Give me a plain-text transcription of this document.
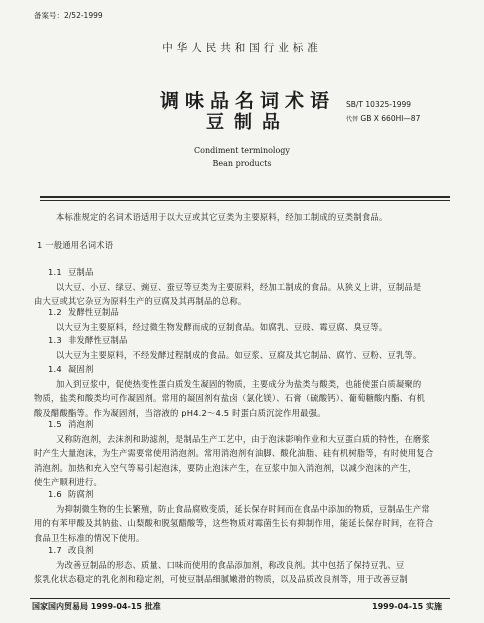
备案号：2/52-1999
中华人民共和国行业标准
调味品名词术语
豆制品
SB/T 10325-1999
代替 GB X 660Hl—87
Condiment terminology
Bean products
本标准规定的名词术语适用于以大豆或其它豆类为主要原料，经加工制成的豆类制食品。
1 一般通用名词术语
1.1 豆制品
以大豆、小豆、绿豆、豌豆、蚕豆等豆类为主要原料，经加工制成的食品。从狭义上讲，豆制品是
由大豆或其它杂豆为原料生产的豆腐及其再制品的总称。
1.2 发酵性豆制品
以大豆为主要原料，经过微生物发酵而成的豆制食品。如腐乳、豆豉、霉豆腐、臭豆等。
1.3 非发酵性豆制品
以大豆为主要原料，不经发酵过程制成的食品。如豆浆、豆腐及其它制品、腐竹、豆粉、豆乳等。
1.4 凝固剂
加入到豆浆中，促使热变性蛋白质发生凝固的物质，主要成分为盐类与酸类，也能使蛋白质凝聚的
物质，盐类和酸类均可作凝固剂。常用的凝固剂有盐卤（氯化镁）、石膏（硫酸钙）、葡萄糖酸内酯、有机
酸及醋酸酯等。作为凝固剂，当溶液的 pH4.2～4.5 时蛋白质沉淀作用最强。
1.5 消泡剂
又称防泡剂，去沫剂和助滤剂，是制品生产工艺中，由于泡沫影响作业和大豆蛋白质的特性，在磨浆
时产生大量泡沫，为生产需要常使用消泡剂。常用消泡剂有油脚、酸化油脂、硅有机树脂等，有时使用复合
消泡剂。加热和充入空气等易引起泡沫，要防止泡沫产生，在豆浆中加入消泡剂，以减少泡沫的产生，
使生产顺利进行。
1.6 防腐剂
为抑制微生物的生长繁殖，防止食品腐败变质，延长保存时间而在食品中添加的物质，豆制品生产常
用的有苯甲酸及其钠盐、山梨酸和脱氢醋酸等，这些物质对霉菌生长有抑制作用，能延长保存时间，在符合
食品卫生标准的情况下使用。
1.7 改良剂
为改善豆制品的形态、质量、口味而使用的食品添加剂，称改良剂。其中包括了保持豆乳、豆
浆乳化状态稳定的乳化剂和稳定剂，可使豆制品细腻嫩滑的物质，以及品质改良剂等，用于改善豆制
国家国内贸易局 1999-04-15 批准	1999-04-15 实施
